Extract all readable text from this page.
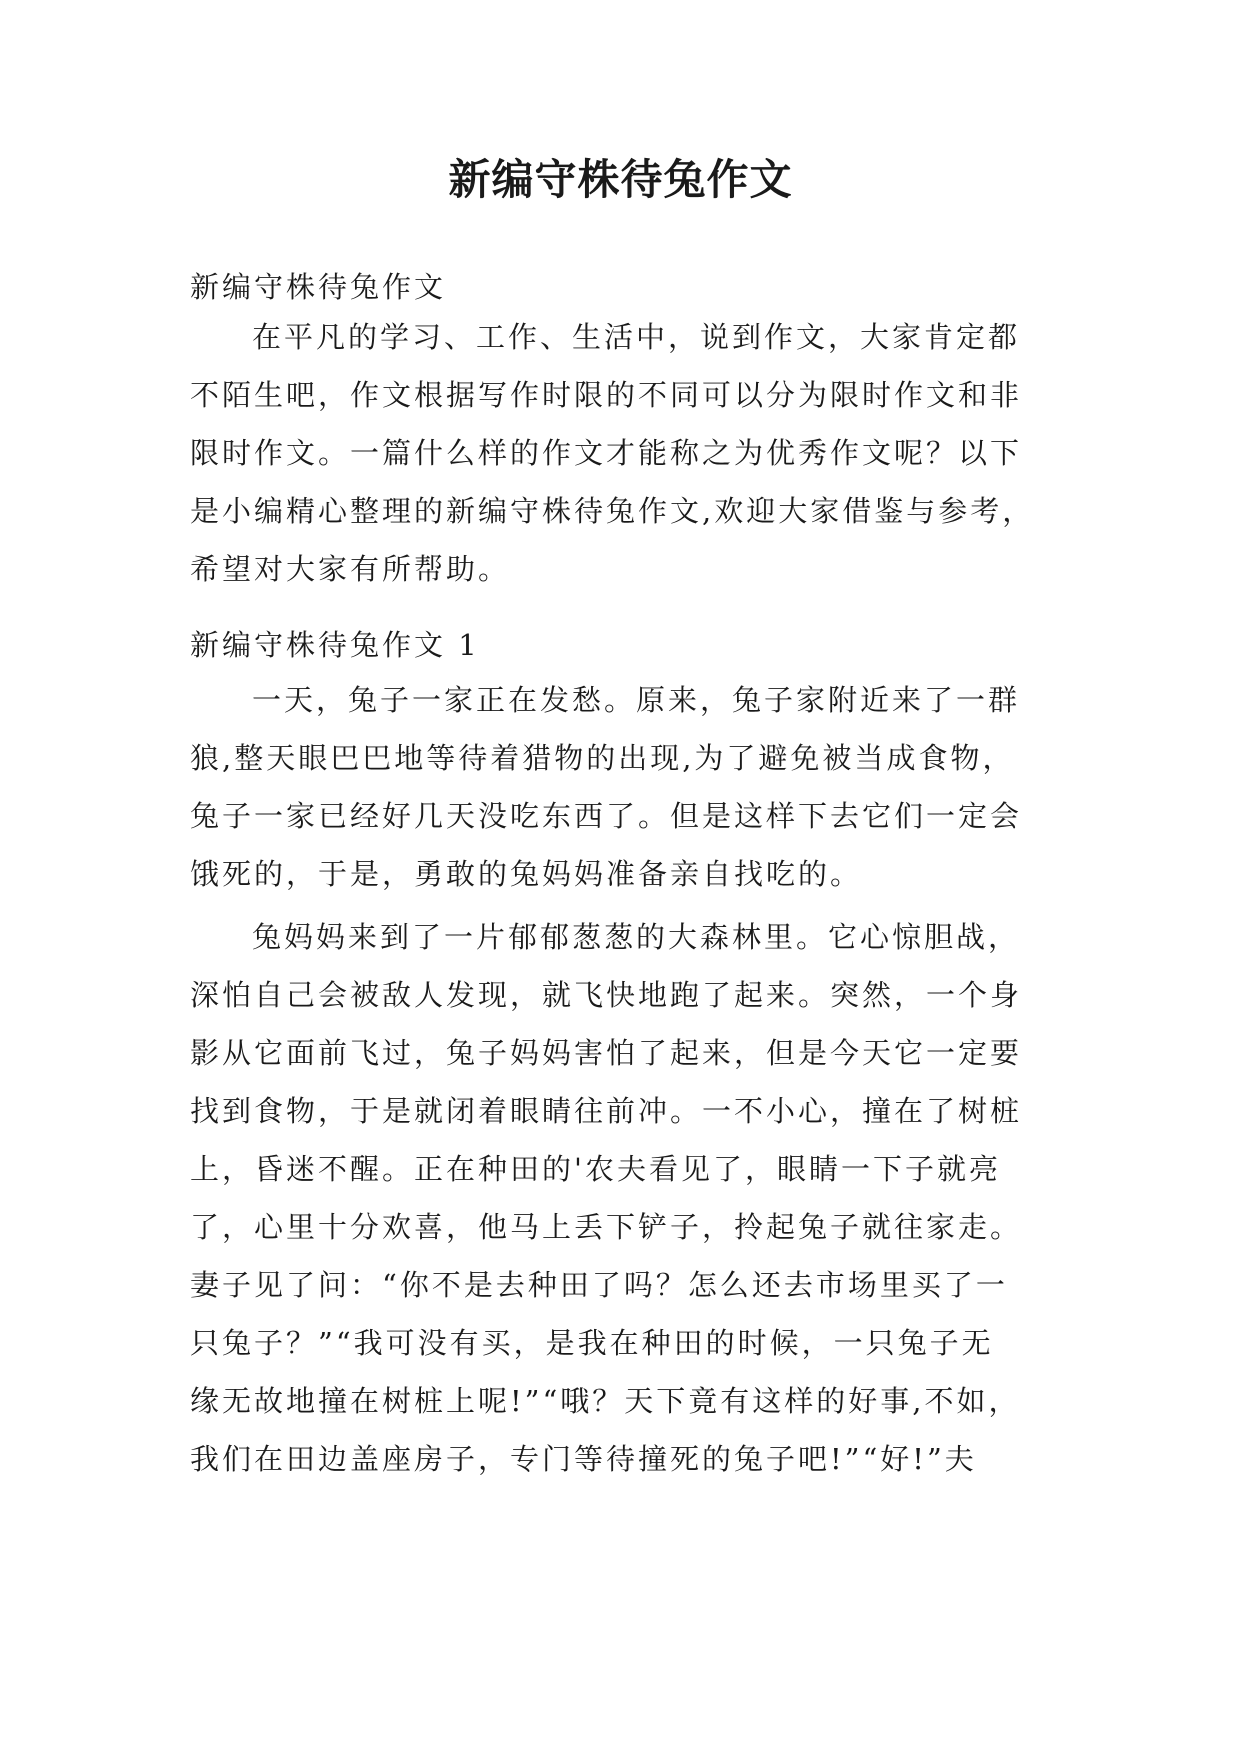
新编守株待兔作文

新编守株待兔作文

在平凡的学习、工作、生活中，说到作文，大家肯定都
不陌生吧，作文根据写作时限的不同可以分为限时作文和非
限时作文。一篇什么样的作文才能称之为优秀作文呢？以下
是小编精心整理的新编守株待兔作文,欢迎大家借鉴与参考，
希望对大家有所帮助。

新编守株待兔作文 1

一天，兔子一家正在发愁。原来，兔子家附近来了一群
狼,整天眼巴巴地等待着猎物的出现,为了避免被当成食物，
兔子一家已经好几天没吃东西了。但是这样下去它们一定会
饿死的，于是，勇敢的兔妈妈准备亲自找吃的。
兔妈妈来到了一片郁郁葱葱的大森林里。它心惊胆战，
深怕自己会被敌人发现，就飞快地跑了起来。突然，一个身
影从它面前飞过，兔子妈妈害怕了起来，但是今天它一定要
找到食物，于是就闭着眼睛往前冲。一不小心，撞在了树桩
上，昏迷不醒。正在种田的'农夫看见了，眼睛一下子就亮
了，心里十分欢喜，他马上丢下铲子，拎起兔子就往家走。
妻子见了问：“你不是去种田了吗？怎么还去市场里买了一
只兔子？”“我可没有买，是我在种田的时候，一只兔子无
缘无故地撞在树桩上呢!”“哦？天下竟有这样的好事,不如，
我们在田边盖座房子，专门等待撞死的兔子吧!”“好!”夫
